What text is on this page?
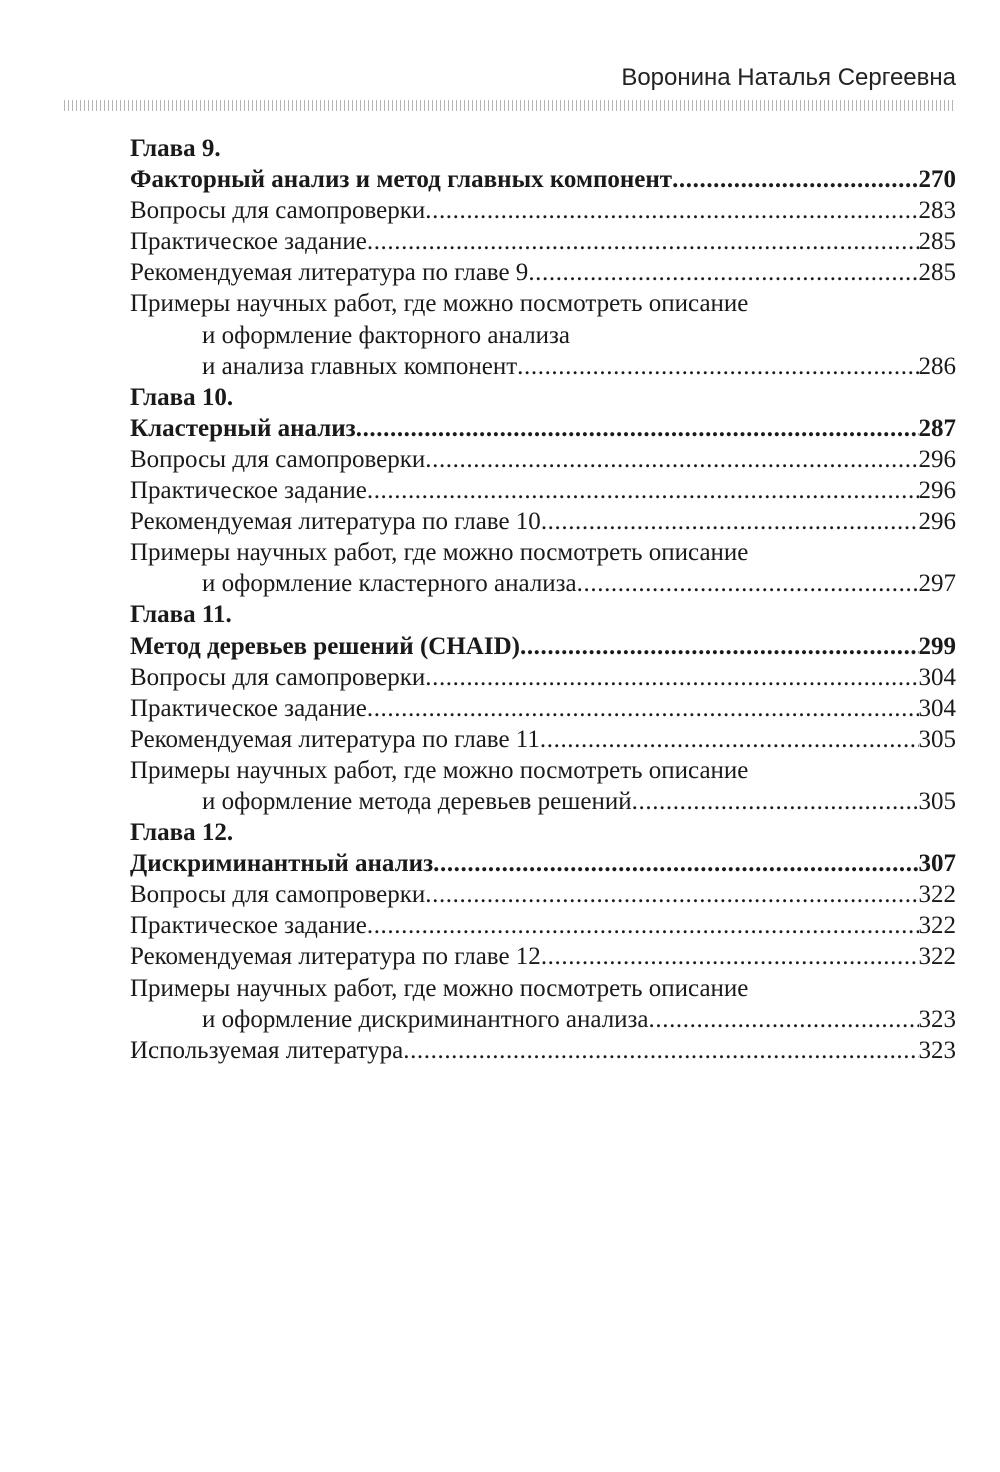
Воронина Наталья Сергеевна
Глава 9.
Факторный анализ и метод главных компонент .....	270
Вопросы для самопроверки .....	283
Практическое задание .....	285
Рекомендуемая литература по главе 9 .....	285
Примеры научных работ, где можно посмотреть описание
и оформление факторного анализа
и анализа главных компонент .....	286
Глава 10.
Кластерный анализ .....	287
Вопросы для самопроверки .....	296
Практическое задание .....	296
Рекомендуемая литература по главе 10 .....	296
Примеры научных работ, где можно посмотреть описание
и оформление кластерного анализа .....	297
Глава 11.
Метод деревьев решений (CHAID) .....	299
Вопросы для самопроверки .....	304
Практическое задание .....	304
Рекомендуемая литература по главе 11 .....	305
Примеры научных работ, где можно посмотреть описание
и оформление метода деревьев решений .....	305
Глава 12.
Дискриминантный анализ .....	307
Вопросы для самопроверки .....	322
Практическое задание .....	322
Рекомендуемая литература по главе 12 .....	322
Примеры научных работ, где можно посмотреть описание
и оформление дискриминантного анализа .....	323
Используемая литература .....	323
